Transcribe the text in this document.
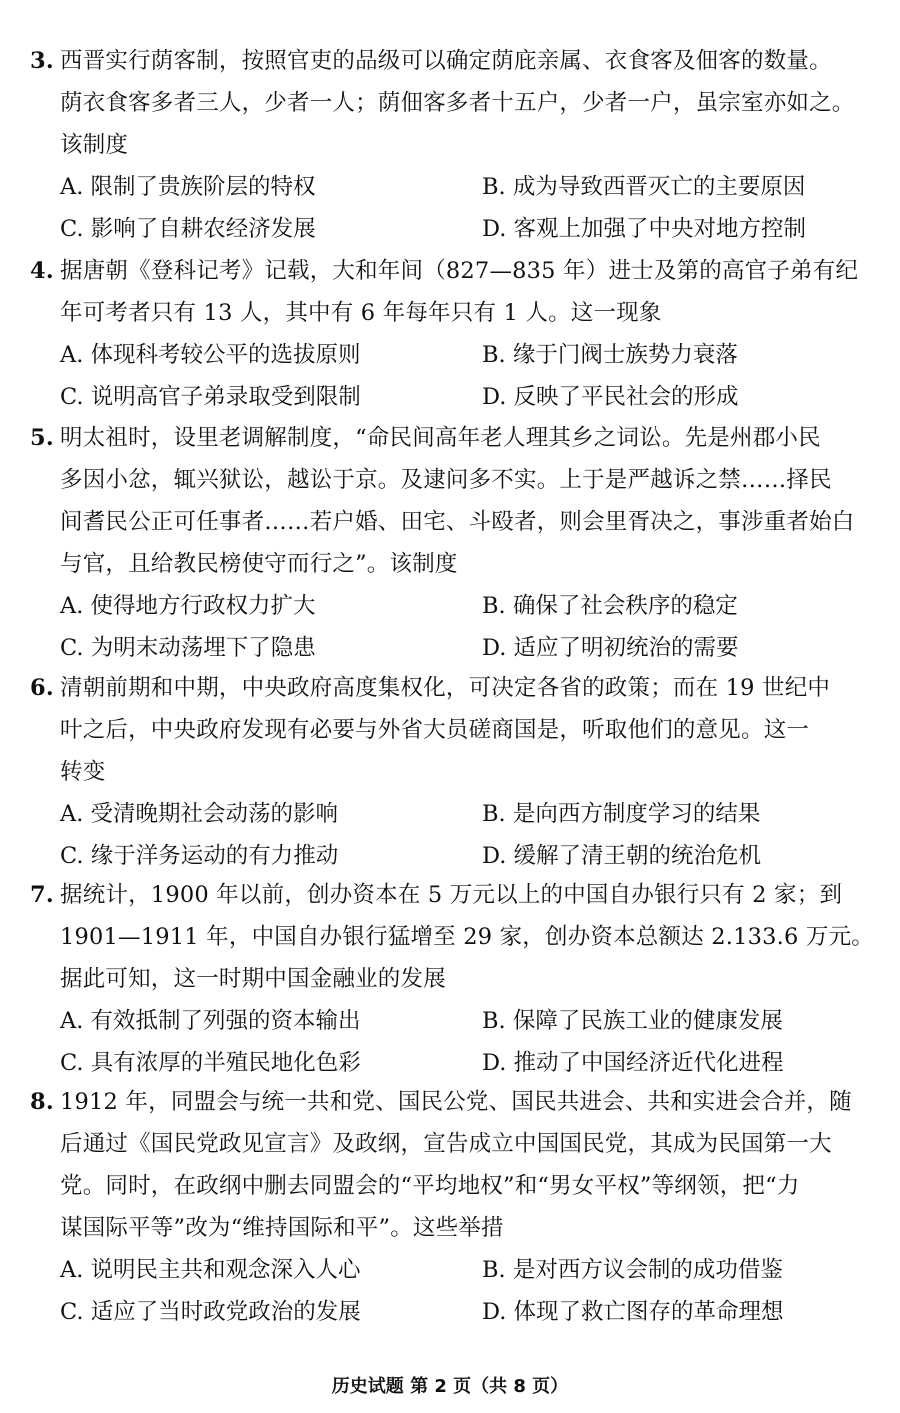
3. 西晋实行荫客制，按照官吏的品级可以确定荫庇亲属、衣食客及佃客的数量。
荫衣食客多者三人，少者一人；荫佃客多者十五户，少者一户，虽宗室亦如之。
该制度
A. 限制了贵族阶层的特权	B. 成为导致西晋灭亡的主要原因
C. 影响了自耕农经济发展	D. 客观上加强了中央对地方控制
4. 据唐朝《登科记考》记载，大和年间（827—835 年）进士及第的高官子弟有纪
年可考者只有 13 人，其中有 6 年每年只有 1 人。这一现象
A. 体现科考较公平的选拔原则	B. 缘于门阀士族势力衰落
C. 说明高官子弟录取受到限制	D. 反映了平民社会的形成
5. 明太祖时，设里老调解制度，“命民间高年老人理其乡之词讼。先是州郡小民
多因小忿，辄兴狱讼，越讼于京。及逮问多不实。上于是严越诉之禁……择民
间耆民公正可任事者……若户婚、田宅、斗殴者，则会里胥决之，事涉重者始白
与官，且给教民榜使守而行之”。该制度
A. 使得地方行政权力扩大	B. 确保了社会秩序的稳定
C. 为明末动荡埋下了隐患	D. 适应了明初统治的需要
6. 清朝前期和中期，中央政府高度集权化，可决定各省的政策；而在 19 世纪中
叶之后，中央政府发现有必要与外省大员磋商国是，听取他们的意见。这一
转变
A. 受清晚期社会动荡的影响	B. 是向西方制度学习的结果
C. 缘于洋务运动的有力推动	D. 缓解了清王朝的统治危机
7. 据统计，1900 年以前，创办资本在 5 万元以上的中国自办银行只有 2 家；到
1901—1911 年，中国自办银行猛增至 29 家，创办资本总额达 2.133.6 万元。
据此可知，这一时期中国金融业的发展
A. 有效抵制了列强的资本输出	B. 保障了民族工业的健康发展
C. 具有浓厚的半殖民地化色彩	D. 推动了中国经济近代化进程
8. 1912 年，同盟会与统一共和党、国民公党、国民共进会、共和实进会合并，随
后通过《国民党政见宣言》及政纲，宣告成立中国国民党，其成为民国第一大
党。同时，在政纲中删去同盟会的“平均地权”和“男女平权”等纲领，把“力
谋国际平等”改为“维持国际和平”。这些举措
A. 说明民主共和观念深入人心	B. 是对西方议会制的成功借鉴
C. 适应了当时政党政治的发展	D. 体现了救亡图存的革命理想
历史试题 第 2 页（共 8 页）
